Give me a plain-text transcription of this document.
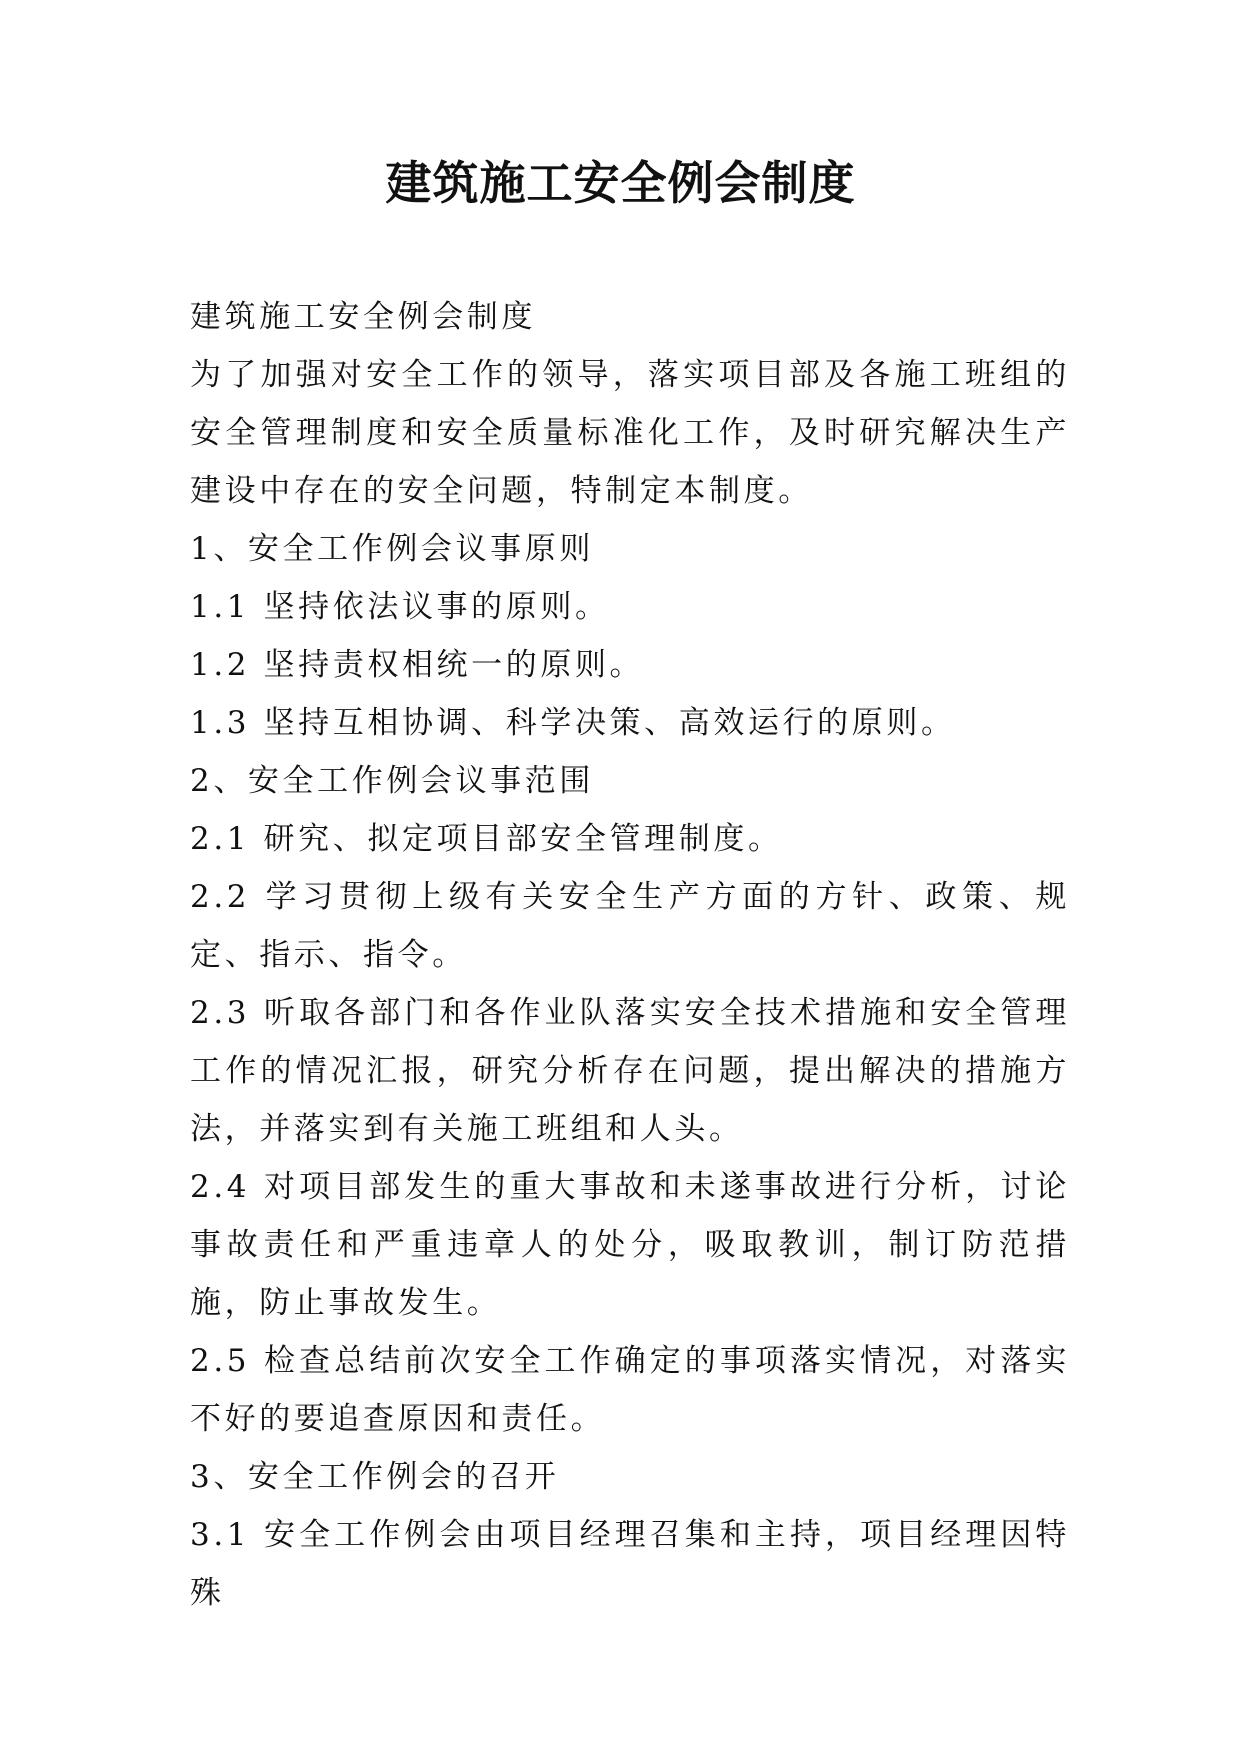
建筑施工安全例会制度

建筑施工安全例会制度

为了加强对安全工作的领导，落实项目部及各施工班组的安全管理制度和安全质量标准化工作，及时研究解决生产建设中存在的安全问题，特制定本制度。

1、安全工作例会议事原则

1.1 坚持依法议事的原则。

1.2 坚持责权相统一的原则。

1.3 坚持互相协调、科学决策、高效运行的原则。

2、安全工作例会议事范围

2.1 研究、拟定项目部安全管理制度。

2.2 学习贯彻上级有关安全生产方面的方针、政策、规定、指示、指令。

2.3 听取各部门和各作业队落实安全技术措施和安全管理工作的情况汇报，研究分析存在问题，提出解决的措施方法，并落实到有关施工班组和人头。

2.4 对项目部发生的重大事故和未遂事故进行分析，讨论事故责任和严重违章人的处分，吸取教训，制订防范措施，防止事故发生。

2.5 检查总结前次安全工作确定的事项落实情况，对落实不好的要追查原因和责任。

3、安全工作例会的召开

3.1 安全工作例会由项目经理召集和主持，项目经理因特殊
